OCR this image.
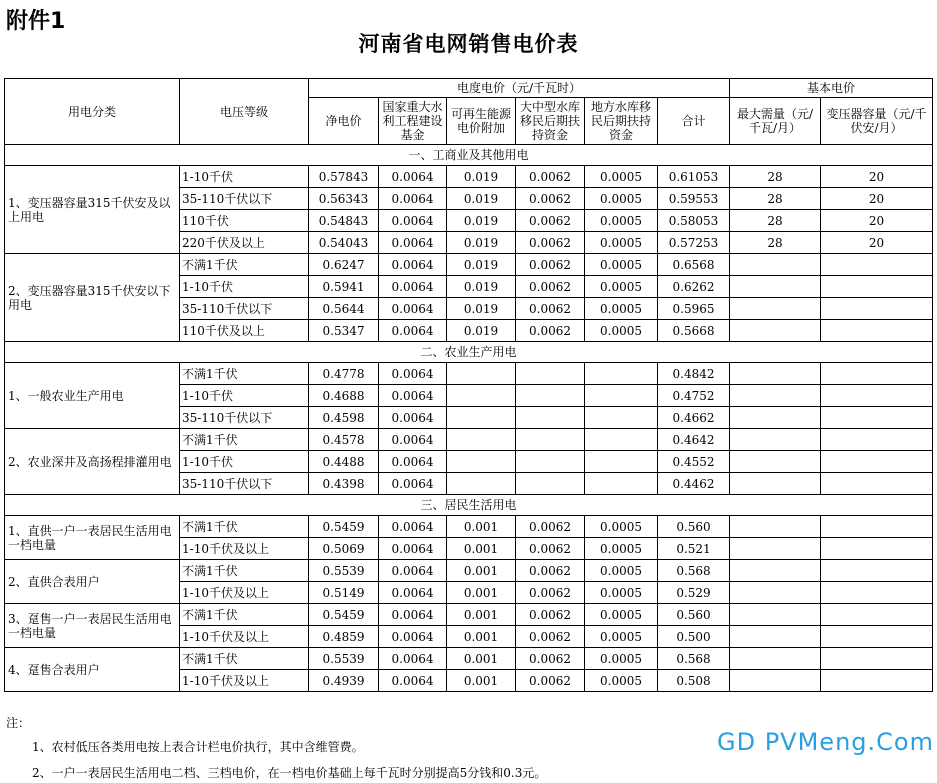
附件1
河南省电网销售电价表
用电分类	电压等级	电度电价（元/千瓦时）						基本电价	
		净电价	国家重大水利工程建设基金	可再生能源电价附加	大中型水库移民后期扶持资金	地方水库移民后期扶持资金	合计	最大需量（元/千瓦/月）	变压器容量（元/千伏安/月）
一、工商业及其他用电									
1、变压器容量315千伏安及以上用电	1-10千伏	0.57843	0.0064	0.019	0.0062	0.0005	0.61053	28	20
	35-110千伏以下	0.56343	0.0064	0.019	0.0062	0.0005	0.59553	28	20
	110千伏	0.54843	0.0064	0.019	0.0062	0.0005	0.58053	28	20
	220千伏及以上	0.54043	0.0064	0.019	0.0062	0.0005	0.57253	28	20
2、变压器容量315千伏安以下用电	不满1千伏	0.6247	0.0064	0.019	0.0062	0.0005	0.6568		
	1-10千伏	0.5941	0.0064	0.019	0.0062	0.0005	0.6262		
	35-110千伏以下	0.5644	0.0064	0.019	0.0062	0.0005	0.5965		
	110千伏及以上	0.5347	0.0064	0.019	0.0062	0.0005	0.5668		
二、农业生产用电									
1、一般农业生产用电	不满1千伏	0.4778	0.0064				0.4842		
	1-10千伏	0.4688	0.0064				0.4752		
	35-110千伏以下	0.4598	0.0064				0.4662		
2、农业深井及高扬程排灌用电	不满1千伏	0.4578	0.0064				0.4642		
	1-10千伏	0.4488	0.0064				0.4552		
	35-110千伏以下	0.4398	0.0064				0.4462		
三、居民生活用电									
1、直供一户一表居民生活用电一档电量	不满1千伏	0.5459	0.0064	0.001	0.0062	0.0005	0.560		
	1-10千伏及以上	0.5069	0.0064	0.001	0.0062	0.0005	0.521		
2、直供合表用户	不满1千伏	0.5539	0.0064	0.001	0.0062	0.0005	0.568		
	1-10千伏及以上	0.5149	0.0064	0.001	0.0062	0.0005	0.529		
3、趸售一户一表居民生活用电一档电量	不满1千伏	0.5459	0.0064	0.001	0.0062	0.0005	0.560		
	1-10千伏及以上	0.4859	0.0064	0.001	0.0062	0.0005	0.500		
4、趸售合表用户	不满1千伏	0.5539	0.0064	0.001	0.0062	0.0005	0.568		
	1-10千伏及以上	0.4939	0.0064	0.001	0.0062	0.0005	0.508		
注：
1、农村低压各类用电按上表合计栏电价执行，其中含维管费。
2、一户一表居民生活用电二档、三档电价，在一档电价基础上每千瓦时分别提高5分钱和0.3元。
GD PVMeng.Com
